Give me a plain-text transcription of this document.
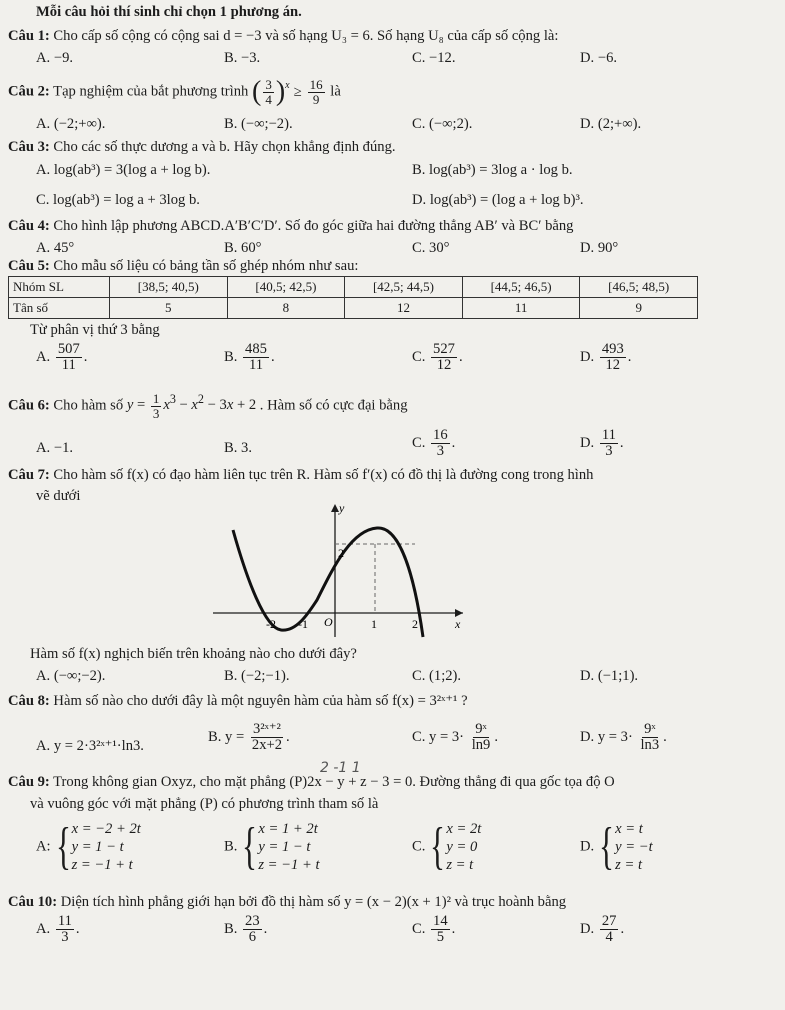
Mỗi câu hỏi thí sinh chỉ chọn 1 phương án.
Câu 1: Cho cấp số cộng có cộng sai d = −3 và số hạng U₃ = 6. Số hạng U₈ của cấp số cộng là:
A. −9.	B. −3.	C. −12.	D. −6.
Câu 2: Tạp nghiệm của bắt phương trình ( $\frac{3}{4} )^x \ge \frac{16}{9}$ là
A. (−2;+∞).	B. (−∞;−2).	C. (−∞;2).	D. (2;+∞).
Câu 3: Cho các số thực dương a và b. Hãy chọn khẳng định đúng.
A. log(ab³) = 3(log a + log b).	B. log(ab³) = 3log a · log b.
C. log(ab³) = log a + 3log b.	D. log(ab³) = (log a + log b)³.
Câu 4: Cho hình lập phương ABCD.A′B′C′D′. Số đo góc giữa hai đường thẳng AB′ và BC′ bằng
A. 45°	B. 60°	C. 30°	D. 90°
Câu 5: Cho mẫu số liệu có bảng tần số ghép nhóm như sau:
Nhóm SL	[38,5; 40,5)	[40,5; 42,5)	[42,5; 44,5)	[44,5; 46,5)	[46,5; 48,5)
Tân số	5	8	12	11	9
Từ phân vị thứ 3 bằng
A. $\frac{507}{11}$ .	B. $\frac{485}{11}$ .	C. $\frac{527}{12}$ .	D. $\frac{493}{12}$ .
Câu 6: Cho hàm số $y = \frac{1}{3} x^3 - x^2 - 3x + 2$ . Hàm số có cực đại bằng
A. −1.	B. 3.	C. $\frac{16}{3}$ .	D. $\frac{11}{3}$ .
Câu 7: Cho hàm số f(x) có đạo hàm liên tục trên R. Hàm số f′(x) có đồ thị là đường cong trong hình
vẽ dưới
y
x
O
-2 -1	1	2
2
Hàm số f(x) nghịch biến trên khoảng nào cho dưới đây?
A. (−∞;−2).	B. (−2;−1).	C. (1;2).	D. (−1;1).
Câu 8: Hàm số nào cho dưới đây là một nguyên hàm của hàm số f(x) = 3²ˣ⁺¹ ?
A. y = 2·3²ˣ⁺¹·ln3.
B. $y = \frac{\text{3²ˣ⁺²}}{2x+2}$ .	C. $y = 3\cdot \frac{\text{9ˣ}}{\ln 9}$ .	D. $y = 3\cdot \frac{\text{9ˣ}}{\ln 3}$ .
2 -1 1
Câu 9: Trong không gian Oxyz, cho mặt phẳng (P)2x − y + z − 3 = 0. Đường thẳng đi qua gốc tọa độ O
và vuông góc với mặt phẳng (P) có phương trình tham số là
A:{ x = −2 + 2t
y = 1 − t
z = −1 + t
B.{ x = 1 + 2t
y = 1 − t
z = −1 + t
C.{ x = 2t
y = 0
z = t
D.{ x = t
y = −t
z = t
Câu 10: Diện tích hình phẳng giới hạn bởi đồ thị hàm số y = (x − 2)(x + 1)² và trục hoành bằng
A. $\frac{11}{3}$ .	B. $\frac{23}{6}$ .	C. $\frac{14}{5}$ .	D. $\frac{27}{4}$ .
